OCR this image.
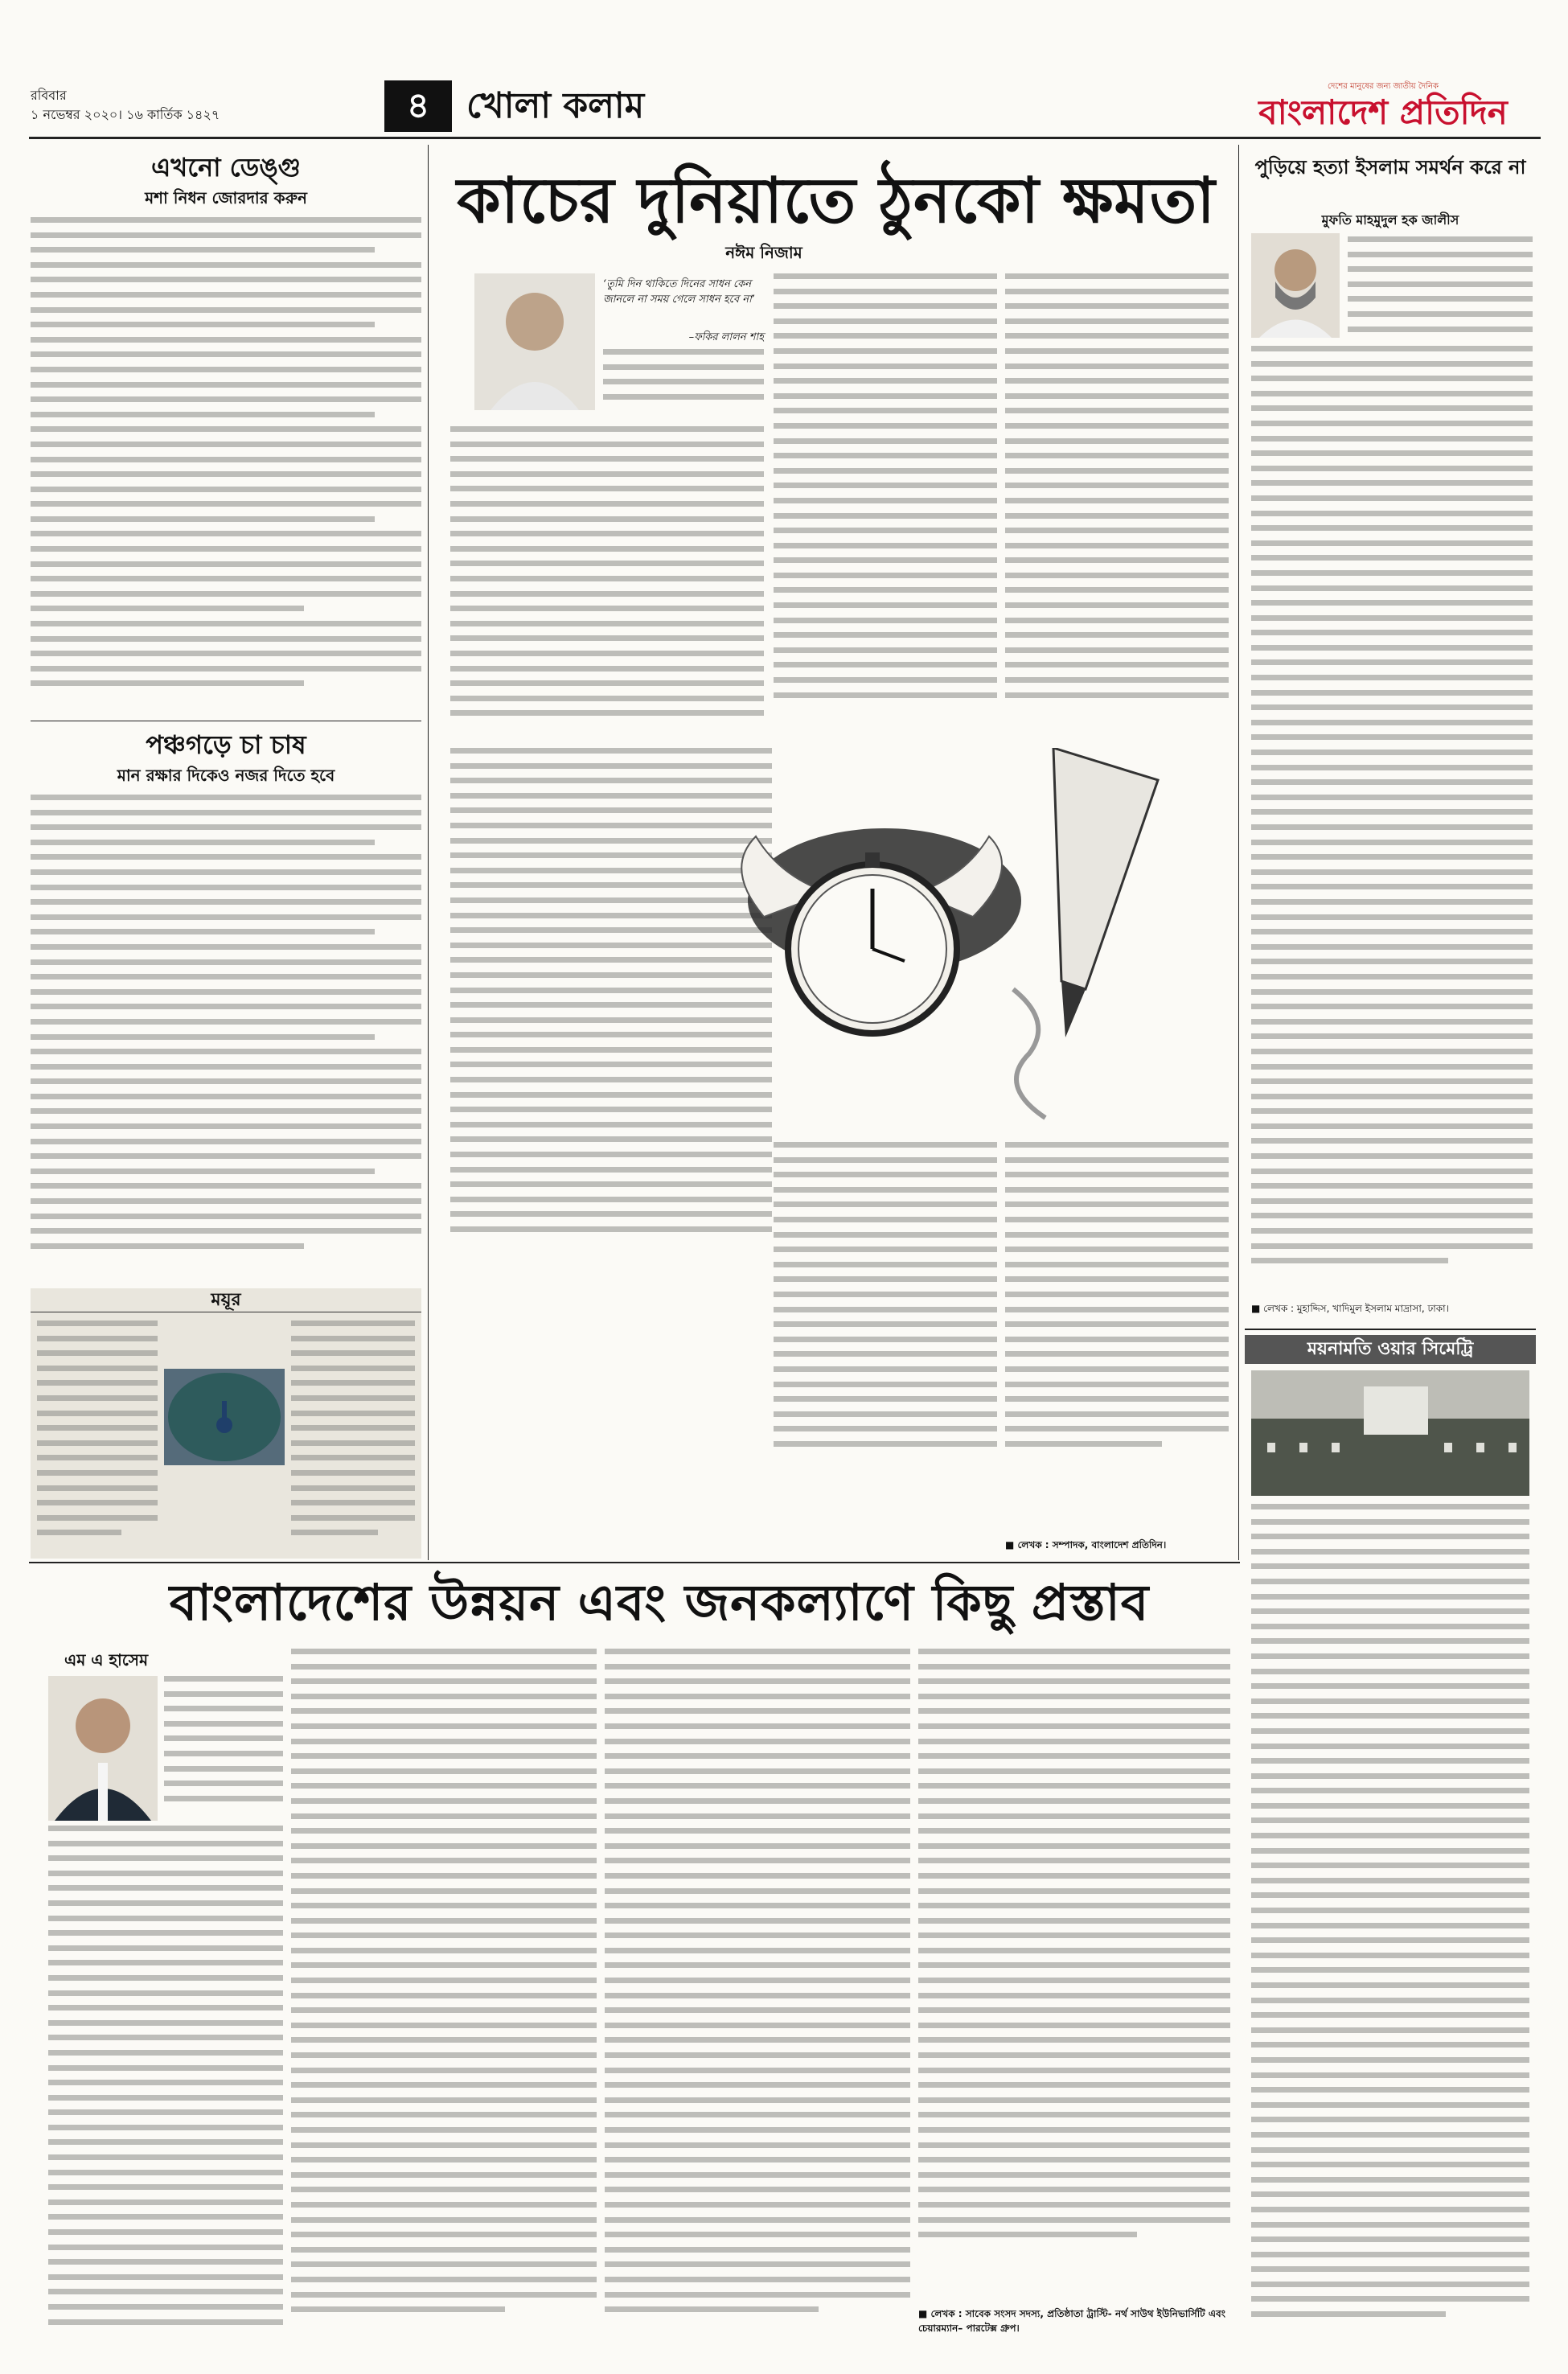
রবিবার
১ নভেম্বর ২০২০। ১৬ কার্তিক ১৪২৭	৪	খোলা কলাম	দেশের মানুষের জন্য জাতীয় দৈনিক
বাংলাদেশ প্রতিদিন
এখনো ডেঙ্গু
মশা নিধন জোরদার করুন
পঞ্চগড়ে চা চাষ
মান রক্ষার দিকেও নজর দিতে হবে
ময়ূর
কাচের দুনিয়াতে ঠুনকো ক্ষমতা
নঈম নিজাম
‘তুমি দিন থাকিতে দিনের সাধন কেন জানলে না সময় গেলে সাধন হবে না’
–ফকির লালন শাহ
■ লেখক : সম্পাদক, বাংলাদেশ প্রতিদিন।
পুড়িয়ে হত্যা ইসলাম সমর্থন করে না
মুফতি মাহমুদুল হক জালীস
■ লেখক : মুহাদ্দিস, খাদিমুল ইসলাম মাদ্রাসা, ঢাকা।
ময়নামতি ওয়ার সিমেট্রি
বাংলাদেশের উন্নয়ন এবং জনকল্যাণে কিছু প্রস্তাব
এম এ হাসেম
■ লেখক : সাবেক সংসদ সদস্য, প্রতিষ্ঠাতা ট্রাস্টি- নর্থ সাউথ ইউনিভার্সিটি এবং চেয়ারম্যান– পারটেক্স গ্রুপ।
